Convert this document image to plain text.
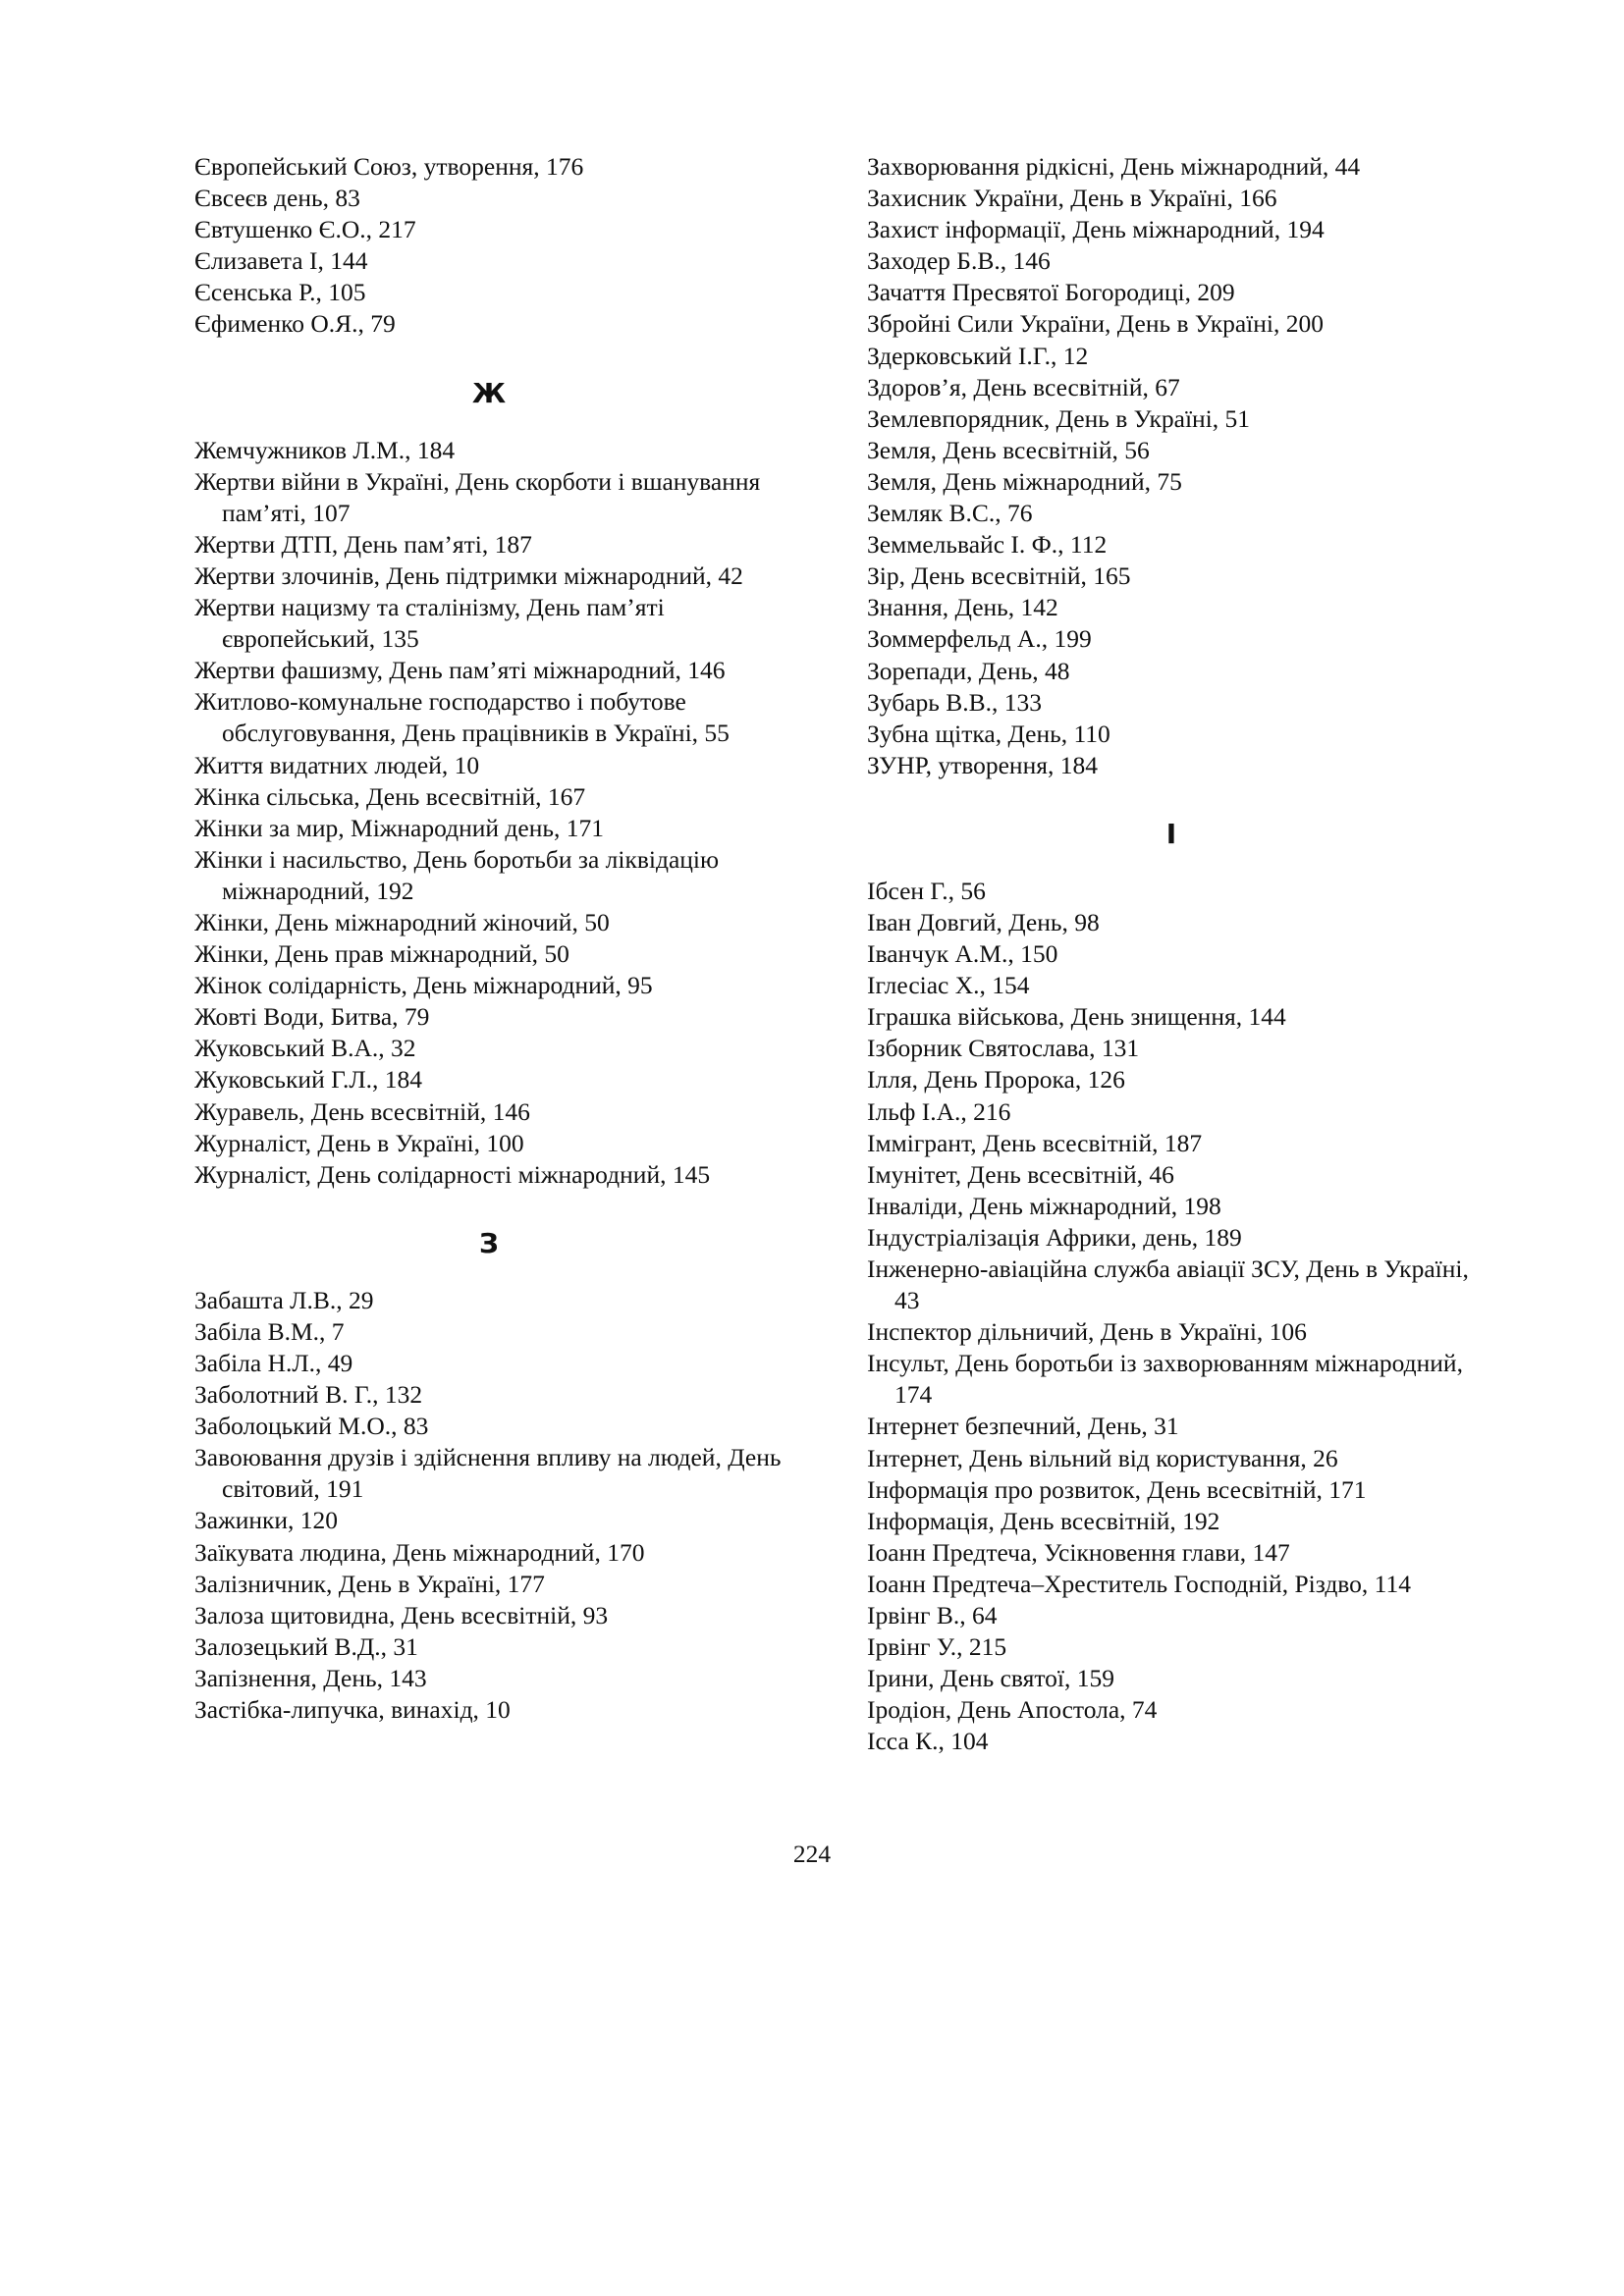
Європейський Союз, утворення, 176
Євсеєв день, 83
Євтушенко Є.О., 217
Єлизавета І, 144
Єсенська Р., 105
Єфименко О.Я., 79
Ж
Жемчужников Л.М., 184
Жертви війни в Україні, День скорботи і вшанування пам’яті, 107
Жертви ДТП, День пам’яті, 187
Жертви злочинів, День підтримки міжнародний, 42
Жертви нацизму та сталінізму, День пам’яті європейський, 135
Жертви фашизму, День пам’яті міжнародний, 146
Житлово-комунальне господарство і побутове обслуговування, День працівників в Україні, 55
Життя видатних людей, 10
Жінка сільська, День всесвітній, 167
Жінки за мир, Міжнародний день, 171
Жінки і насильство, День боротьби за ліквідацію міжнародний, 192
Жінки, День міжнародний жіночий, 50
Жінки, День прав міжнародний, 50
Жінок солідарність, День міжнародний, 95
Жовті Води, Битва, 79
Жуковський В.А., 32
Жуковський Г.Л., 184
Журавель, День всесвітній, 146
Журналіст, День в Україні, 100
Журналіст, День солідарності міжнародний, 145
З
Забашта Л.В., 29
Забіла В.М., 7
Забіла Н.Л., 49
Заболотний В. Г., 132
Заболоцький М.О., 83
Завоювання друзів і здійснення впливу на людей, День світовий, 191
Зажинки, 120
Заїкувата людина, День міжнародний, 170
Залізничник, День в Україні, 177
Залоза щитовидна, День всесвітній, 93
Залозецький В.Д., 31
Запізнення, День, 143
Застібка-липучка, винахід, 10
Захворювання рідкісні, День міжнародний, 44
Захисник України, День в Україні, 166
Захист інформації, День міжнародний, 194
Заходер Б.В., 146
Зачаття Пресвятої Богородиці, 209
Збройні Сили України, День в Україні, 200
Здерковський І.Г., 12
Здоров’я, День всесвітній, 67
Землевпорядник, День в Україні, 51
Земля, День всесвітній, 56
Земля, День міжнародний, 75
Земляк В.С., 76
Земмельвайс І. Ф., 112
Зір, День всесвітній, 165
Знання, День, 142
Зоммерфельд А., 199
Зорепади, День, 48
Зубарь В.В., 133
Зубна щітка, День, 110
ЗУНР, утворення, 184
І
Ібсен Г., 56
Іван Довгий, День, 98
Іванчук А.М., 150
Іглесіас Х., 154
Іграшка військова, День знищення, 144
Ізборник Святослава, 131
Ілля, День Пророка, 126
Ільф І.А., 216
Іммігрант, День всесвітній, 187
Імунітет, День всесвітній, 46
Інваліди, День міжнародний, 198
Індустріалізація Африки, день, 189
Інженерно-авіаційна служба авіації ЗСУ, День в Україні, 43
Інспектор дільничий, День в Україні, 106
Інсульт, День боротьби із захворюванням міжнародний, 174
Інтернет безпечний, День, 31
Інтернет, День вільний від користування, 26
Інформація про розвиток, День всесвітній, 171
Інформація, День всесвітній, 192
Іоанн Предтеча, Усікновення глави, 147
Іоанн Предтеча–Хреститель Господній, Різдво, 114
Ірвінг В., 64
Ірвінг У., 215
Ірини, День святої, 159
Іродіон, День Апостола, 74
Ісса К., 104
224
